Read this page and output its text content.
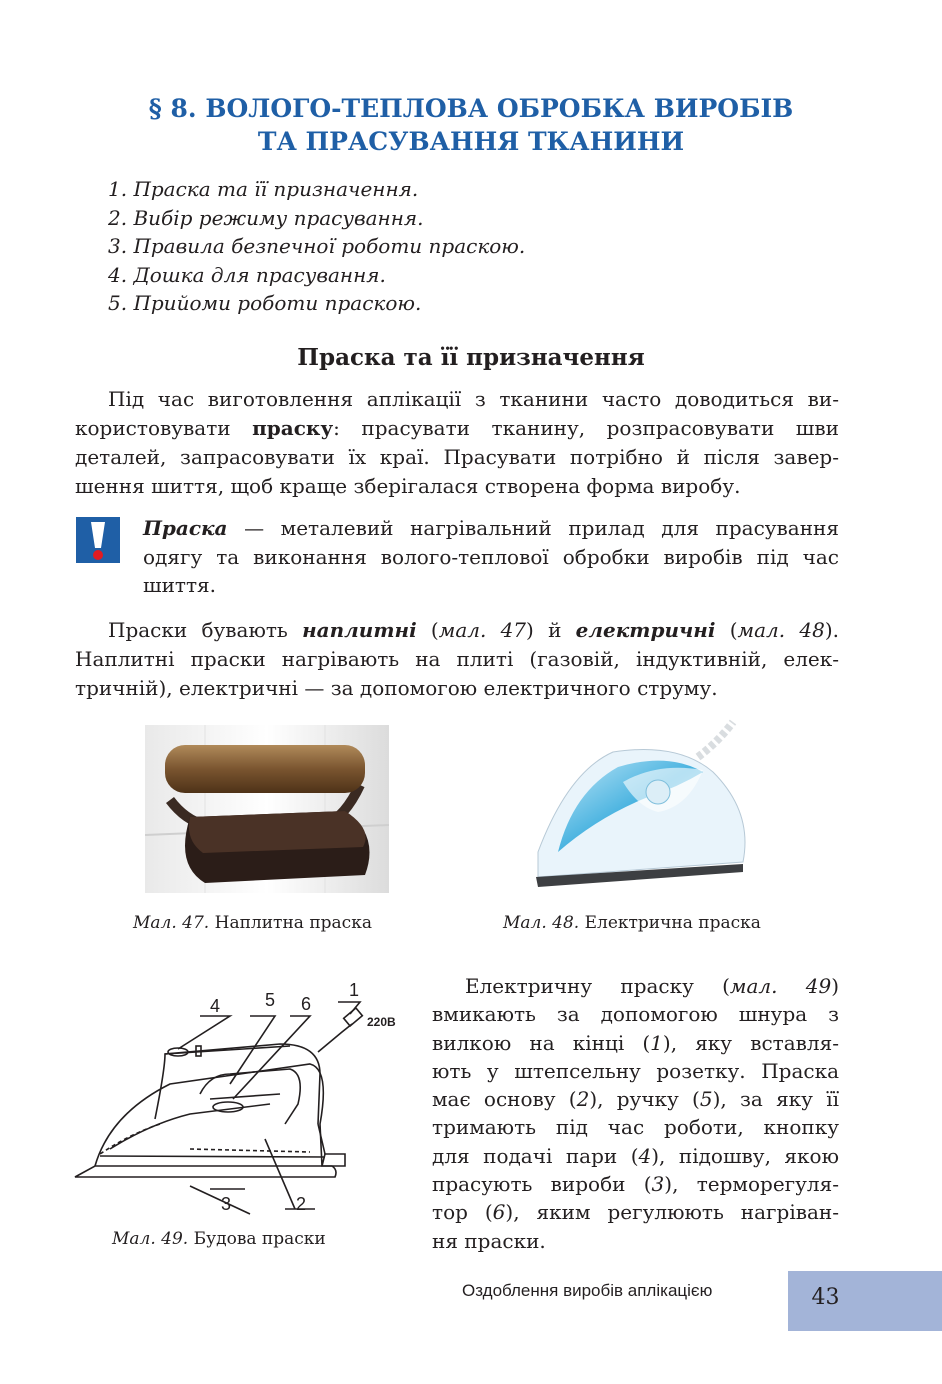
§ 8. ВОЛОГО-ТЕПЛОВА ОБРОБКА ВИРОБІВ
ТА ПРАСУВАННЯ ТКАНИНИ
1. Праска та її призначення.
2. Вибір режиму прасування.
3. Правила безпечної роботи праскою.
4. Дошка для прасування.
5. Прийоми роботи праскою.
Праска та її призначення
Під час виготовлення аплікації з тканини часто доводиться ви-
користовувати праску: прасувати тканину, розпрасовувати шви
деталей, запрасовувати їх краї. Прасувати потрібно й після завер-
шення шиття, щоб краще зберігалася створена форма виробу.
Праска — металевий нагрівальний прилад для прасування
одягу та виконання волого-теплової обробки виробів під час
шиття.
Праски бувають наплитні (мал. 47) й електричні (мал. 48).
Наплитні праски нагрівають на плиті (газовій, індуктивній, елек-
тричній), електричні — за допомогою електричного струму.
Мал. 47. Наплитна праска	Мал. 48. Електрична праска
4 5 6
1
220В
3	2
Мал. 49. Будова праски
Електричну праску (мал. 49)
вмикають за допомогою шнура з
вилкою на кінці (1), яку вставля-
ють у штепсельну розетку. Праска
має основу (2), ручку (5), за яку її
тримають під час роботи, кнопку
для подачі пари (4), підошву, якою
прасують вироби (3), терморегуля-
тор (6), яким регулюють нагріван-
ня праски.
Оздоблення виробів аплікацією	43
